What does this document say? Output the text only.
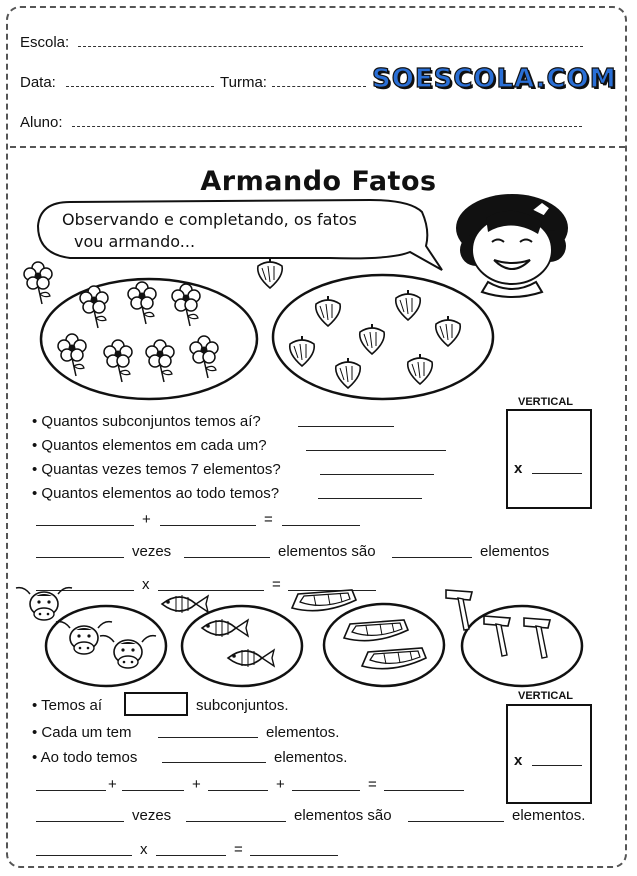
Escola:
Data:	Turma:	SOESCOLA.COM
Aluno:
Armando Fatos
Observando e completando, os fatos
vou armando...
• Quantos subconjuntos temos aí?
• Quantos elementos em cada um?
• Quantas vezes temos 7 elementos?
• Quantos elementos ao todo temos?
VERTICAL
x
+	=
vezes	elementos são	elementos
x	=
• Temos aí	subconjuntos.
• Cada um tem	elementos.
• Ao todo temos	elementos.
VERTICAL
x
+	+	+	=
vezes	elementos são	elementos.
x	=
